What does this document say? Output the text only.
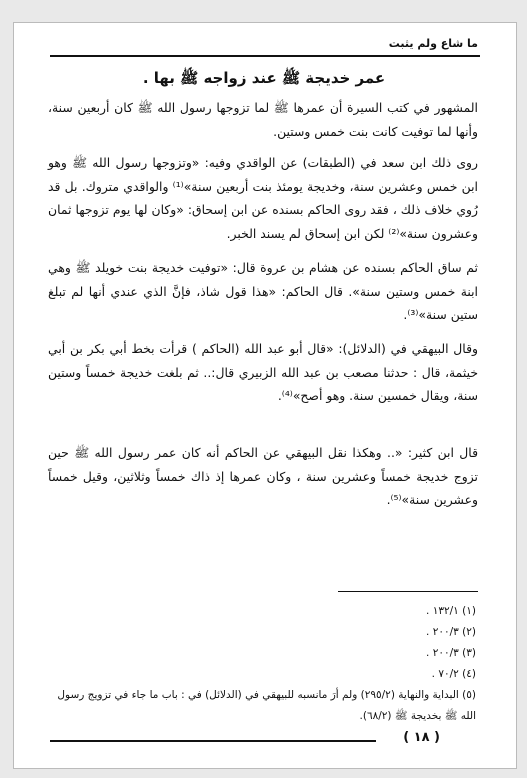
ما شاع ولم يثبت
عمر خديجة ﷺ عند زواجه ﷺ بها .

المشهور في كتب السيرة أن عمرها ﷺ لما تزوجها رسول الله ﷺ كان أربعين سنة، وأنها لما توفيت كانت بنت خمس وستين.

روى ذلك ابن سعد في (الطبقات) عن الواقدي وفيه: «وتزوجها رسول الله ﷺ وهو ابن خمس وعشرين سنة، وخديجة يومئذ بنت أربعين سنة»⁽¹⁾ والواقدي متروك. بل قد رُوي خلاف ذلك ، فقد روى الحاكم بسنده عن ابن إسحاق: «وكان لها يوم تزوجها ثمان وعشرون سنة»⁽²⁾ لكن ابن إسحاق لم يسند الخبر.

ثم ساق الحاكم بسنده عن هشام بن عروة قال: «توفيت خديجة بنت خويلد ﷺ وهي ابنة خمس وستين سنة». قال الحاكم: «هذا قول شاذ، فإنَّ الذي عندي أنها لم تبلغ ستين سنة»⁽³⁾.

وقال البيهقي في (الدلائل): «قال أبو عبد الله (الحاكم ) قرأت بخط أبي بكر بن أبي خيثمة، قال : حدثنا مصعب بن عبد الله الزبيري قال:.. ثم بلغت خديجة خمساً وستين سنة، ويقال خمسين سنة. وهو أصح»⁽⁴⁾.

قال ابن كثير: «.. وهكذا نقل البيهقي عن الحاكم أنه كان عمر رسول الله ﷺ حين تزوج خديجة خمساً وعشرين سنة ، وكان عمرها إذ ذاك خمساً وثلاثين، وقيل خمساً وعشرين سنة»⁽⁵⁾.

(١) ١٣٢/١ .
(٢) ٢٠٠/٣ .
(٣) ٢٠٠/٣ .
(٤) ٧٠/٢ .
(٥) البداية والنهاية (٢٩٥/٢) ولم أرَ مانسبه للبيهقي في (الدلائل) في : باب ما جاء في تزويج رسول الله ﷺ بخديجة ﷺ (٦٨/٢).
( ١٨ )
